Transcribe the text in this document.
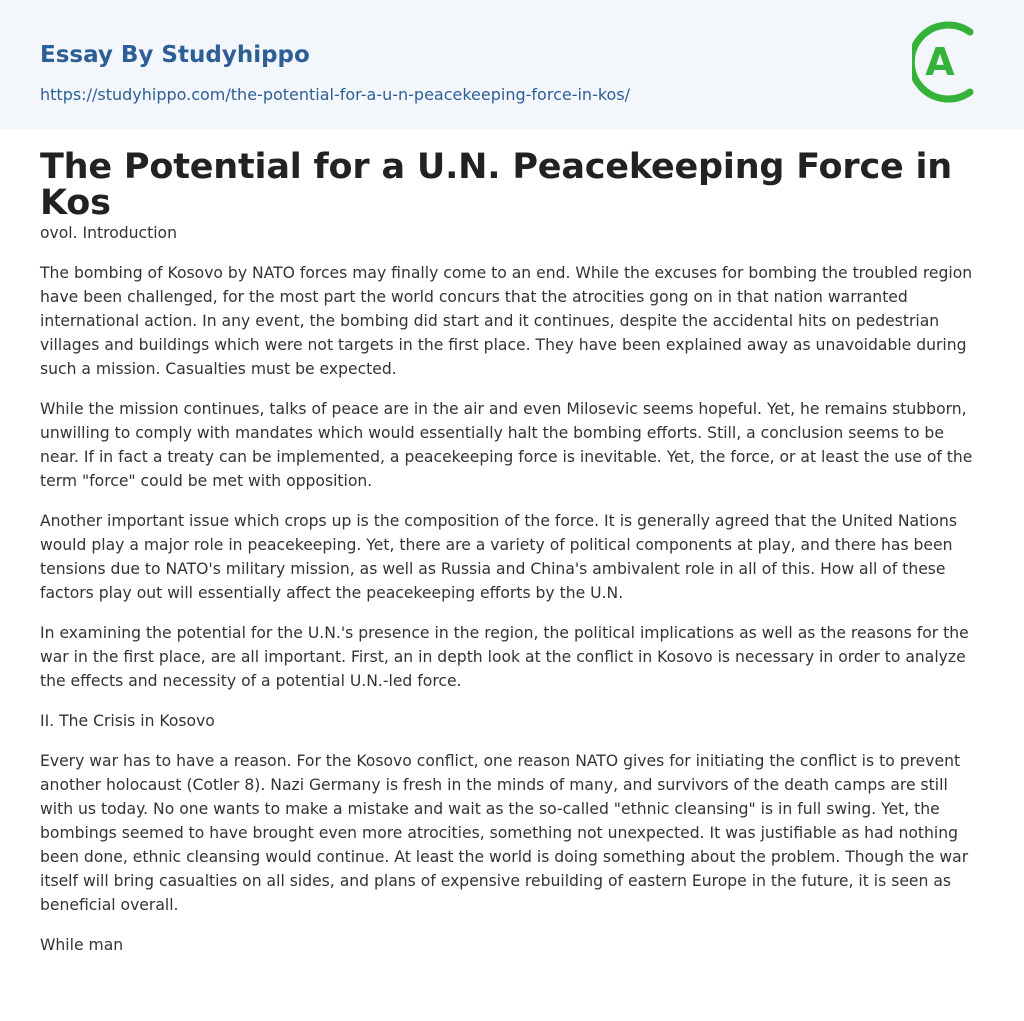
Essay By Studyhippo
https://studyhippo.com/the-potential-for-a-u-n-peacekeeping-force-in-kos/
A
The Potential for a U.N. Peacekeeping Force in Kos

ovol. Introduction

The bombing of Kosovo by NATO forces may finally come to an end. While the excuses for bombing the troubled region have been challenged, for the most part the world concurs that the atrocities gong on in that nation warranted international action. In any event, the bombing did start and it continues, despite the accidental hits on pedestrian villages and buildings which were not targets in the first place. They have been explained away as unavoidable during such a mission. Casualties must be expected.

While the mission continues, talks of peace are in the air and even Milosevic seems hopeful. Yet, he remains stubborn, unwilling to comply with mandates which would essentially halt the bombing efforts. Still, a conclusion seems to be near. If in fact a treaty can be implemented, a peacekeeping force is inevitable. Yet, the force, or at least the use of the term "force" could be met with opposition.

Another important issue which crops up is the composition of the force. It is generally agreed that the United Nations would play a major role in peacekeeping. Yet, there are a variety of political components at play, and there has been tensions due to NATO's military mission, as well as Russia and China's ambivalent role in all of this. How all of these factors play out will essentially affect the peacekeeping efforts by the U.N.

In examining the potential for the U.N.'s presence in the region, the political implications as well as the reasons for the war in the first place, are all important. First, an in depth look at the conflict in Kosovo is necessary in order to analyze the effects and necessity of a potential U.N.-led force.

II. The Crisis in Kosovo

Every war has to have a reason. For the Kosovo conflict, one reason NATO gives for initiating the conflict is to prevent another holocaust (Cotler 8). Nazi Germany is fresh in the minds of many, and survivors of the death camps are still with us today. No one wants to make a mistake and wait as the so-called "ethnic cleansing" is in full swing. Yet, the bombings seemed to have brought even more atrocities, something not unexpected. It was justifiable as had nothing been done, ethnic cleansing would continue. At least the world is doing something about the problem. Though the war itself will bring casualties on all sides, and plans of expensive rebuilding of eastern Europe in the future, it is seen as beneficial overall.

While man
